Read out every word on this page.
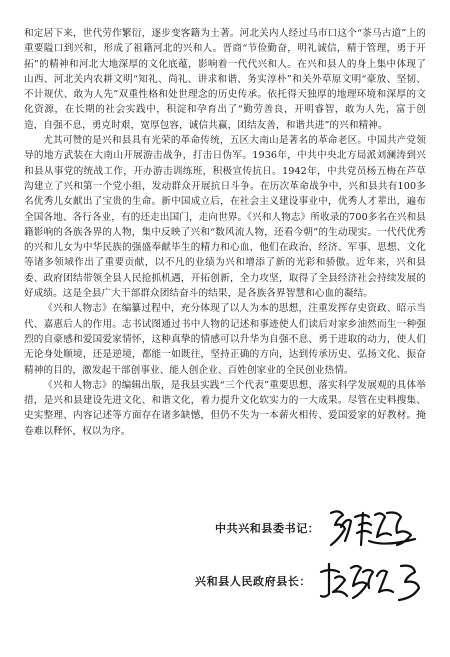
和定居下来，世代劳作繁衍，逐步变客籍为土著。河北关内人经过马市口这个“茶马古道”上的重要隘口到兴和，形成了祖籍河北的兴和人。晋商“节俭勤奋，明礼诚信，精于管理，勇于开拓”的精神和河北大地深厚的文化底蕴，影响着一代代兴和人。在兴和县人的身上集中体现了山西、河北关内农耕文明“知礼、尚礼、讲求和谐、务实淳朴”和关外草原文明“豪放、坚韧、不计规伏、敢为人先”双重性格和处世理念的历史传承。依托得天独厚的地理环境和深厚的文化资源，在长期的社会实践中，积淀和孕育出了“勤劳善良，开明睿智，敢为人先，富于创造，自强不息，勇克时艰，宽厚包容，诚信共赢，团结友善，和谐共进”的兴和精神。

尤其可赞的是兴和县具有光荣的革命传统，五区大南山是著名的革命老区。中国共产党领导的地方武装在大南山开展游击战争，打击日伪军。1936年，中共中央北方局派刘澜涛到兴和县从事党的统战工作，开办游击训练班，积极宣传抗日。1942年，中共党员杨五梅在芦草沟建立了兴和第一个党小组，发动群众开展抗日斗争。在历次革命战争中，兴和县共有100多名优秀儿女献出了宝贵的生命。新中国成立后，在社会主义建设事业中，优秀人才辈出，遍布全国各地、各行各业，有的还走出国门，走向世界。《兴和人物志》所收录的700多名在兴和县籍影响的各族各界的人物，集中反映了兴和“数风流人物，还看今朝”的生动现实。一代代优秀的兴和儿女为中华民族的强盛奉献毕生的精力和心血，他们在政治、经济、军事、思想、文化等诸多领域作出了重要贡献，以不凡的业绩为兴和增添了新的光彩和骄傲。近年来，兴和县委、政府团结带领全县人民抢抓机遇，开拓创新，全力攻坚，取得了全县经济社会持续发展的好成绩。这是全县广大干部群众团结奋斗的结果，是各族各界智慧和心血的凝结。

《兴和人物志》在编纂过程中，充分体现了以人为本的思想，注重发挥存史资政、昭示当代、嘉惠后人的作用。志书试图通过书中人物的记述和事迹使人们读后对家乡油然而生一种强烈的自豪感和爱国爱家情怀，这种真挚的情感可以升华为自强不息、勇于进取的动力，使人们无论身处顺境，还是逆境，都能一如既往，坚持正确的方向，达到传承历史、弘扬文化、振奋精神的目的，激发起干部创事业、能人创企业、百姓创家业的全民创业热情。

《兴和人物志》的编辑出版，是我县实践“三个代表”重要思想、落实科学发展观的具体举措，是兴和县建设先进文化、和谐文化，着力提升文化软实力的一大成果。尽管在史料搜集、史实整理、内容记述等方面存在诸多缺憾，但仍不失为一本薪火相传、爱国爱家的好教材。掩卷难以释怀，权以为序。

中共兴和县委书记：
兴和县人民政府县长：
